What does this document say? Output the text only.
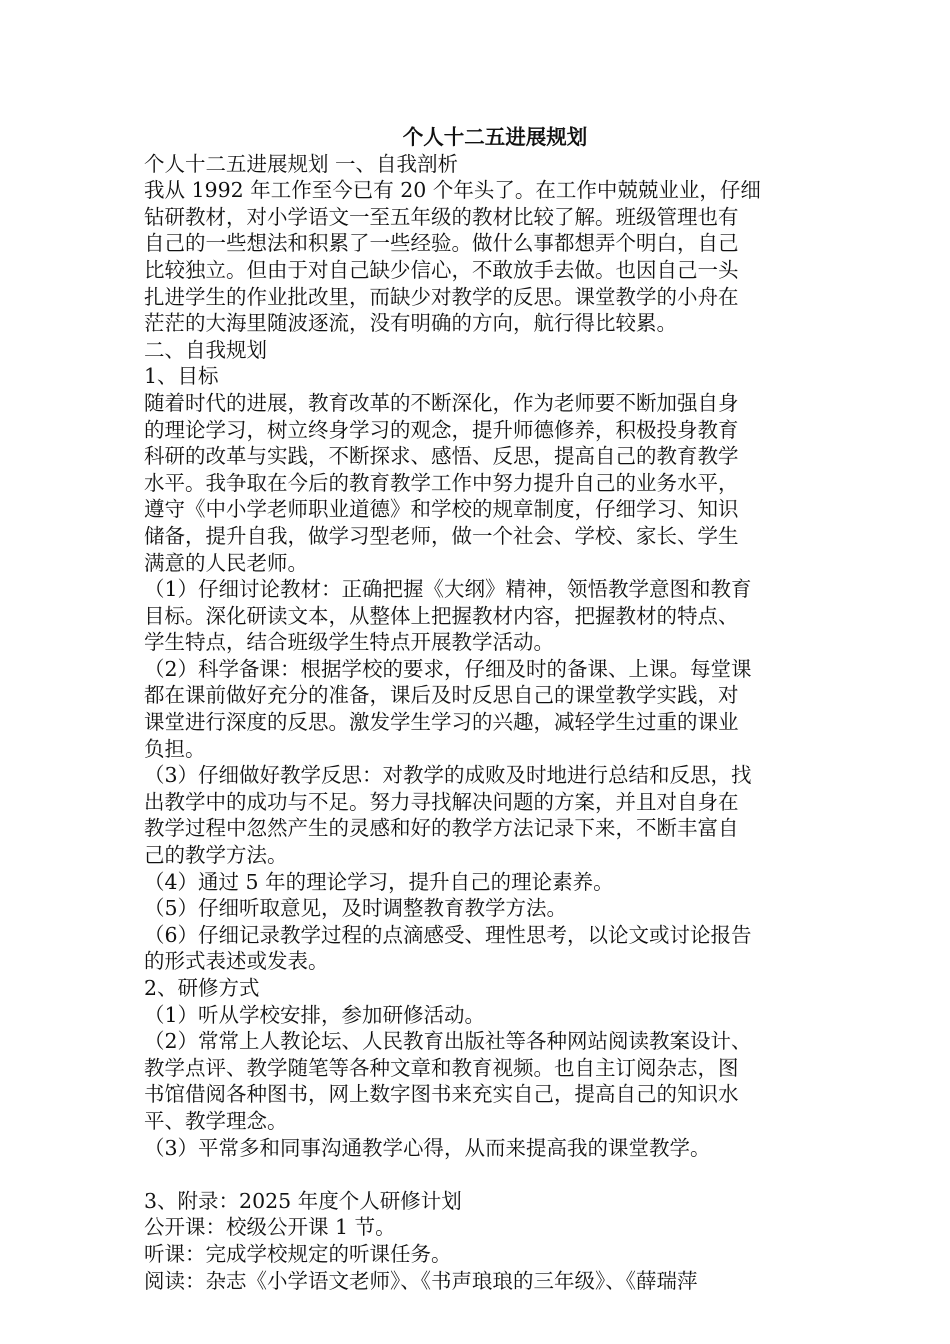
个人十二五进展规划

个人十二五进展规划 一、自我剖析

我从 1992 年工作至今已有 20 个年头了。在工作中兢兢业业，仔细

钻研教材，对小学语文一至五年级的教材比较了解。班级管理也有

自己的一些想法和积累了一些经验。做什么事都想弄个明白，自己

比较独立。但由于对自己缺少信心，不敢放手去做。也因自己一头

扎进学生的作业批改里，而缺少对教学的反思。课堂教学的小舟在

茫茫的大海里随波逐流，没有明确的方向，航行得比较累。

二、自我规划

1、目标

随着时代的进展，教育改革的不断深化，作为老师要不断加强自身

的理论学习，树立终身学习的观念，提升师德修养，积极投身教育

科研的改革与实践，不断探求、感悟、反思，提高自己的教育教学

水平。我争取在今后的教育教学工作中努力提升自己的业务水平，

遵守《中小学老师职业道德》和学校的规章制度，仔细学习、知识

储备，提升自我，做学习型老师，做一个社会、学校、家长、学生

满意的人民老师。

（1）仔细讨论教材：正确把握《大纲》精神，领悟教学意图和教育

目标。深化研读文本，从整体上把握教材内容，把握教材的特点、

学生特点，结合班级学生特点开展教学活动。

（2）科学备课：根据学校的要求，仔细及时的备课、上课。每堂课

都在课前做好充分的准备，课后及时反思自己的课堂教学实践，对

课堂进行深度的反思。激发学生学习的兴趣，减轻学生过重的课业

负担。

（3）仔细做好教学反思：对教学的成败及时地进行总结和反思，找

出教学中的成功与不足。努力寻找解决问题的方案，并且对自身在

教学过程中忽然产生的灵感和好的教学方法记录下来，不断丰富自

己的教学方法。

（4）通过 5 年的理论学习，提升自己的理论素养。

（5）仔细听取意见，及时调整教育教学方法。

（6）仔细记录教学过程的点滴感受、理性思考，以论文或讨论报告

的形式表述或发表。

2、研修方式

（1）听从学校安排，参加研修活动。

（2）常常上人教论坛、人民教育出版社等各种网站阅读教案设计、

教学点评、教学随笔等各种文章和教育视频。也自主订阅杂志，图

书馆借阅各种图书，网上数字图书来充实自己，提高自己的知识水

平、教学理念。

（3）平常多和同事沟通教学心得，从而来提高我的课堂教学。

3、附录：2025 年度个人研修计划

公开课：校级公开课 1 节。

听课：完成学校规定的听课任务。

阅读：杂志《小学语文老师》、《书声琅琅的三年级》、《薛瑞萍
